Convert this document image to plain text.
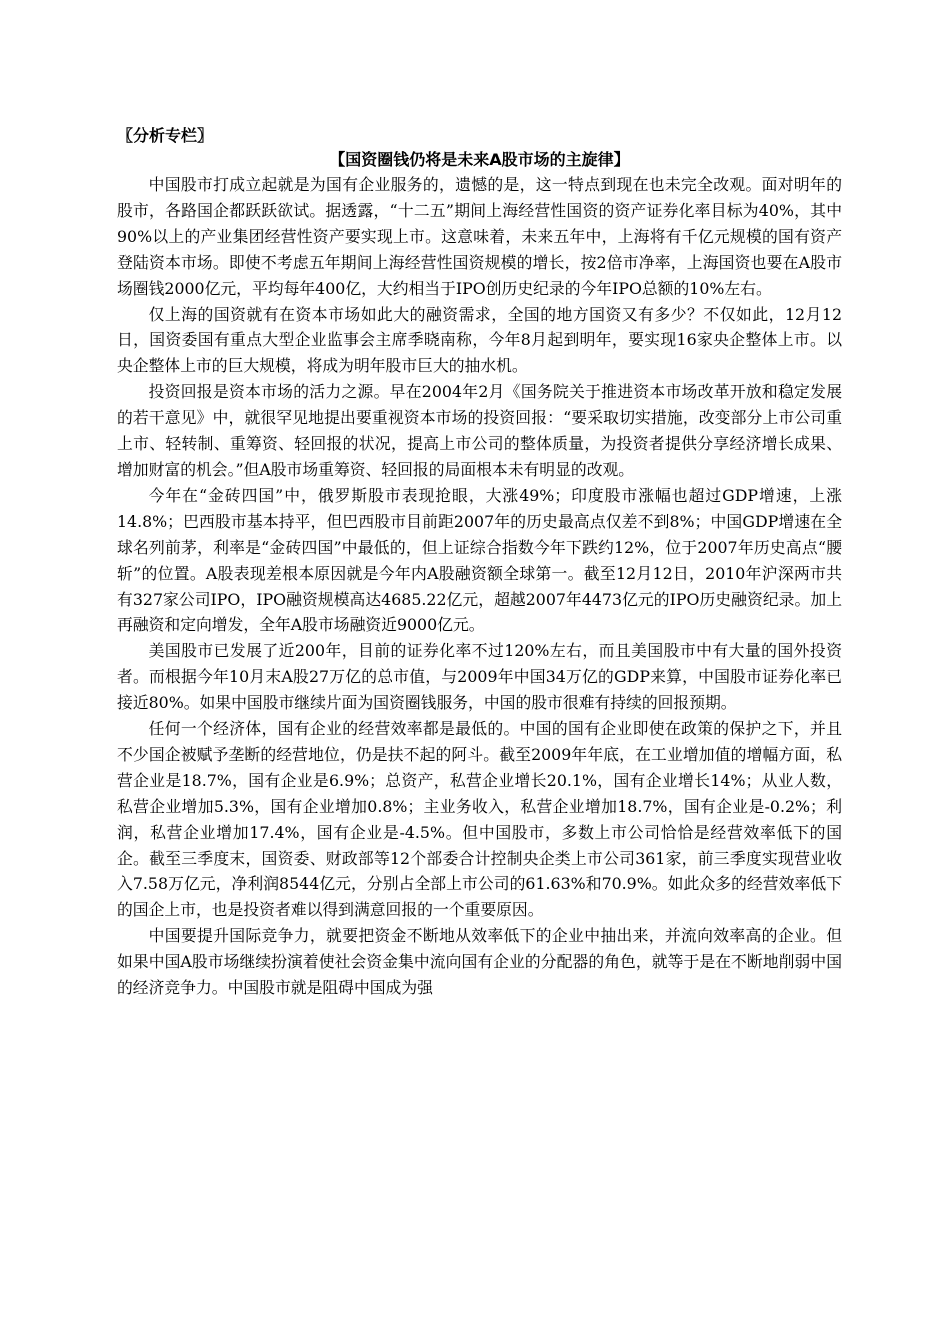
〖分析专栏〗

【国资圈钱仍将是未来A股市场的主旋律】

中国股市打成立起就是为国有企业服务的，遗憾的是，这一特点到现在也未完全改观。面对明年的股市，各路国企都跃跃欲试。据透露，“十二五”期间上海经营性国资的资产证券化率目标为40%，其中90%以上的产业集团经营性资产要实现上市。这意味着，未来五年中，上海将有千亿元规模的国有资产登陆资本市场。即使不考虑五年期间上海经营性国资规模的增长，按2倍市净率，上海国资也要在A股市场圈钱2000亿元，平均每年400亿，大约相当于IPO创历史纪录的今年IPO总额的10%左右。

仅上海的国资就有在资本市场如此大的融资需求，全国的地方国资又有多少？不仅如此，12月12日，国资委国有重点大型企业监事会主席季晓南称，今年8月起到明年，要实现16家央企整体上市。以央企整体上市的巨大规模，将成为明年股市巨大的抽水机。

投资回报是资本市场的活力之源。早在2004年2月《国务院关于推进资本市场改革开放和稳定发展的若干意见》中，就很罕见地提出要重视资本市场的投资回报：“要采取切实措施，改变部分上市公司重上市、轻转制、重筹资、轻回报的状况，提高上市公司的整体质量，为投资者提供分享经济增长成果、增加财富的机会。”但A股市场重筹资、轻回报的局面根本未有明显的改观。

今年在“金砖四国”中，俄罗斯股市表现抢眼，大涨49%；印度股市涨幅也超过GDP增速，上涨14.8%；巴西股市基本持平，但巴西股市目前距2007年的历史最高点仅差不到8%；中国GDP增速在全球名列前茅，利率是“金砖四国”中最低的，但上证综合指数今年下跌约12%，位于2007年历史高点“腰斩”的位置。A股表现差根本原因就是今年内A股融资额全球第一。截至12月12日，2010年沪深两市共有327家公司IPO，IPO融资规模高达4685.22亿元，超越2007年4473亿元的IPO历史融资纪录。加上再融资和定向增发，全年A股市场融资近9000亿元。

美国股市已发展了近200年，目前的证券化率不过120%左右，而且美国股市中有大量的国外投资者。而根据今年10月末A股27万亿的总市值，与2009年中国34万亿的GDP来算，中国股市证券化率已接近80%。如果中国股市继续片面为国资圈钱服务，中国的股市很难有持续的回报预期。

任何一个经济体，国有企业的经营效率都是最低的。中国的国有企业即使在政策的保护之下，并且不少国企被赋予垄断的经营地位，仍是扶不起的阿斗。截至2009年年底，在工业增加值的增幅方面，私营企业是18.7%，国有企业是6.9%；总资产，私营企业增长20.1%，国有企业增长14%；从业人数，私营企业增加5.3%，国有企业增加0.8%；主业务收入，私营企业增加18.7%，国有企业是-0.2%；利润，私营企业增加17.4%，国有企业是-4.5%。但中国股市，多数上市公司恰恰是经营效率低下的国企。截至三季度末，国资委、财政部等12个部委合计控制央企类上市公司361家，前三季度实现营业收入7.58万亿元，净利润8544亿元，分别占全部上市公司的61.63%和70.9%。如此众多的经营效率低下的国企上市，也是投资者难以得到满意回报的一个重要原因。

中国要提升国际竞争力，就要把资金不断地从效率低下的企业中抽出来，并流向效率高的企业。但如果中国A股市场继续扮演着使社会资金集中流向国有企业的分配器的角色，就等于是在不断地削弱中国的经济竞争力。中国股市就是阻碍中国成为强
